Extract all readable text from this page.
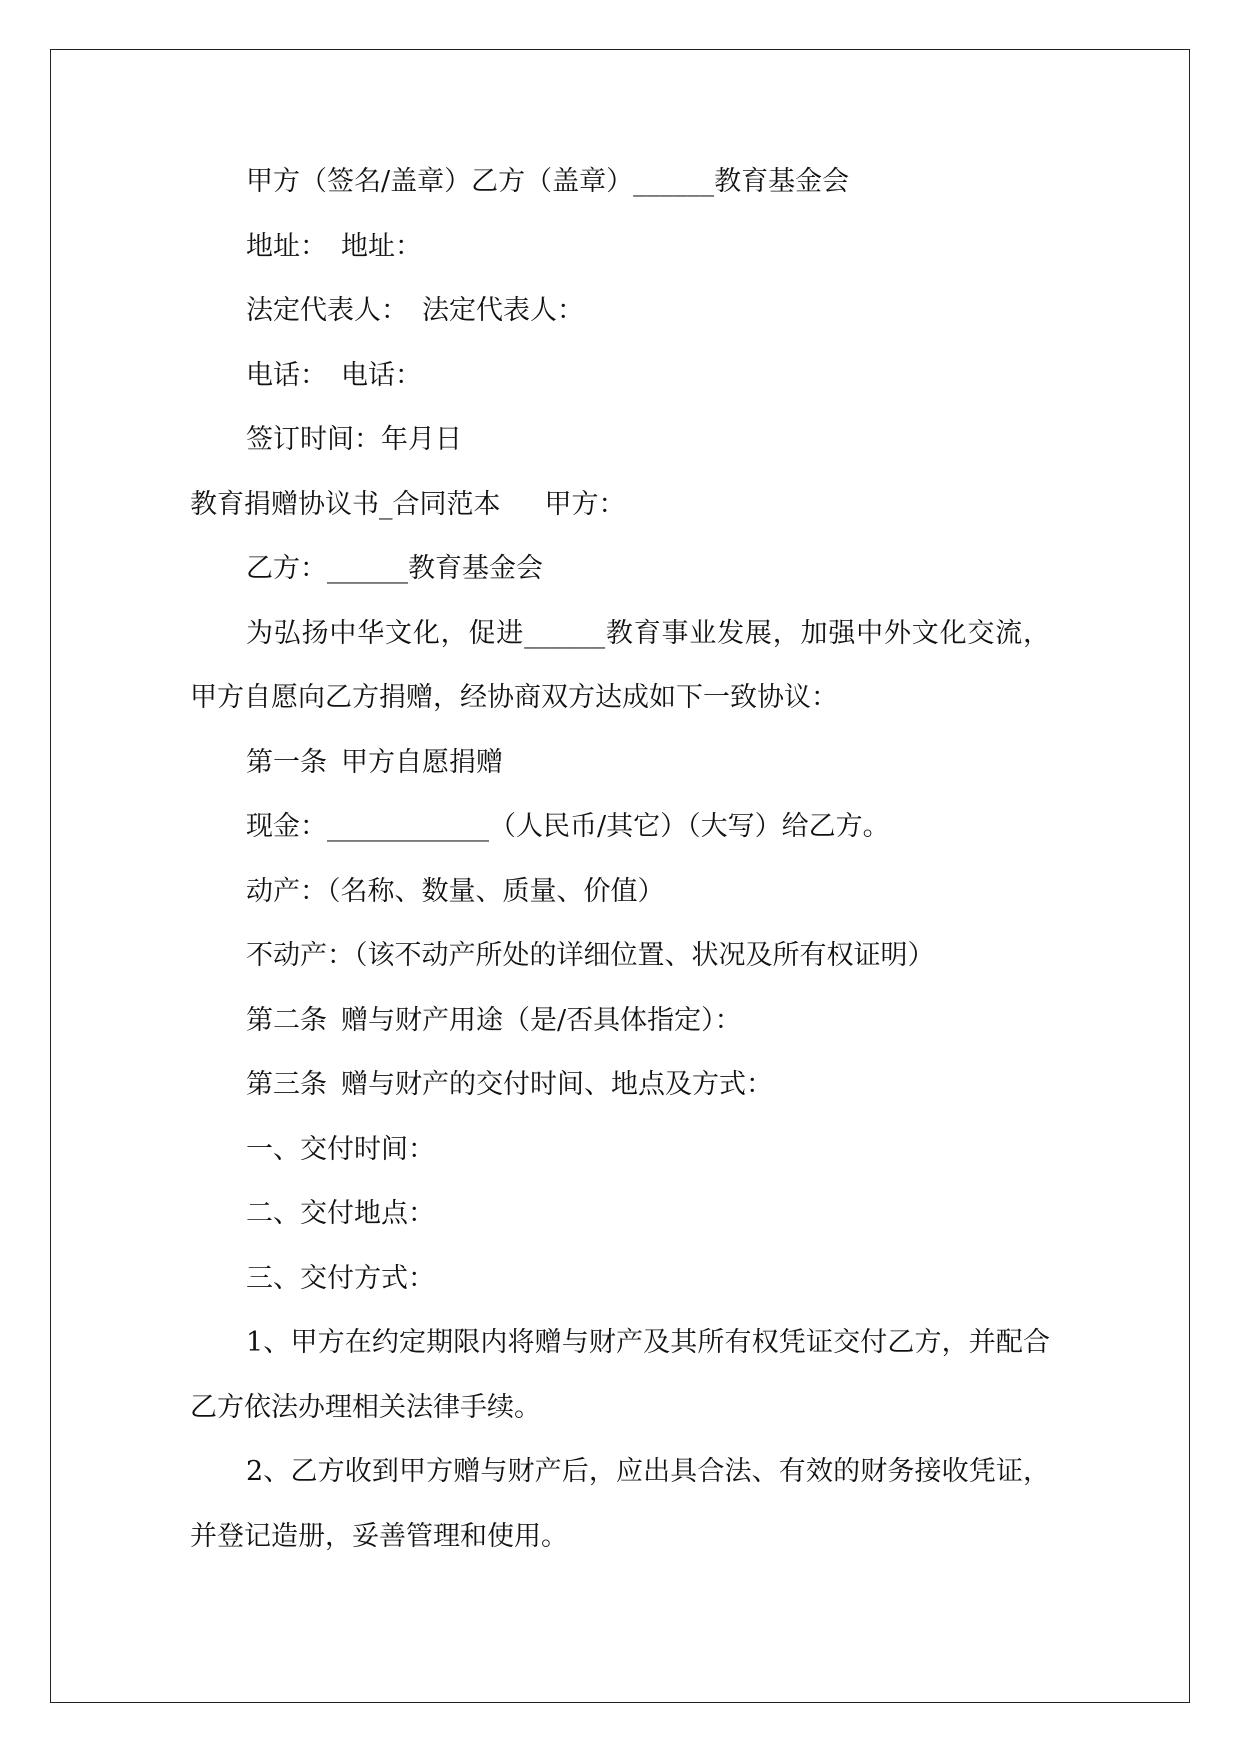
甲方（签名/盖章）乙方（盖章）______教育基金会

地址： 地址：

法定代表人： 法定代表人：

电话： 电话：

签订时间：年月日

教育捐赠协议书_合同范本 甲方：

乙方：______教育基金会

为弘扬中华文化，促进______教育事业发展，加强中外文化交流，甲方自愿向乙方捐赠，经协商双方达成如下一致协议：

第一条 甲方自愿捐赠

现金：____________（人民币/其它）（大写）给乙方。

动产：（名称、数量、质量、价值）

不动产：（该不动产所处的详细位置、状况及所有权证明）

第二条 赠与财产用途（是/否具体指定）：

第三条 赠与财产的交付时间、地点及方式：

一、交付时间：

二、交付地点：

三、交付方式：

1、甲方在约定期限内将赠与财产及其所有权凭证交付乙方，并配合乙方依法办理相关法律手续。

2、乙方收到甲方赠与财产后，应出具合法、有效的财务接收凭证，并登记造册，妥善管理和使用。
